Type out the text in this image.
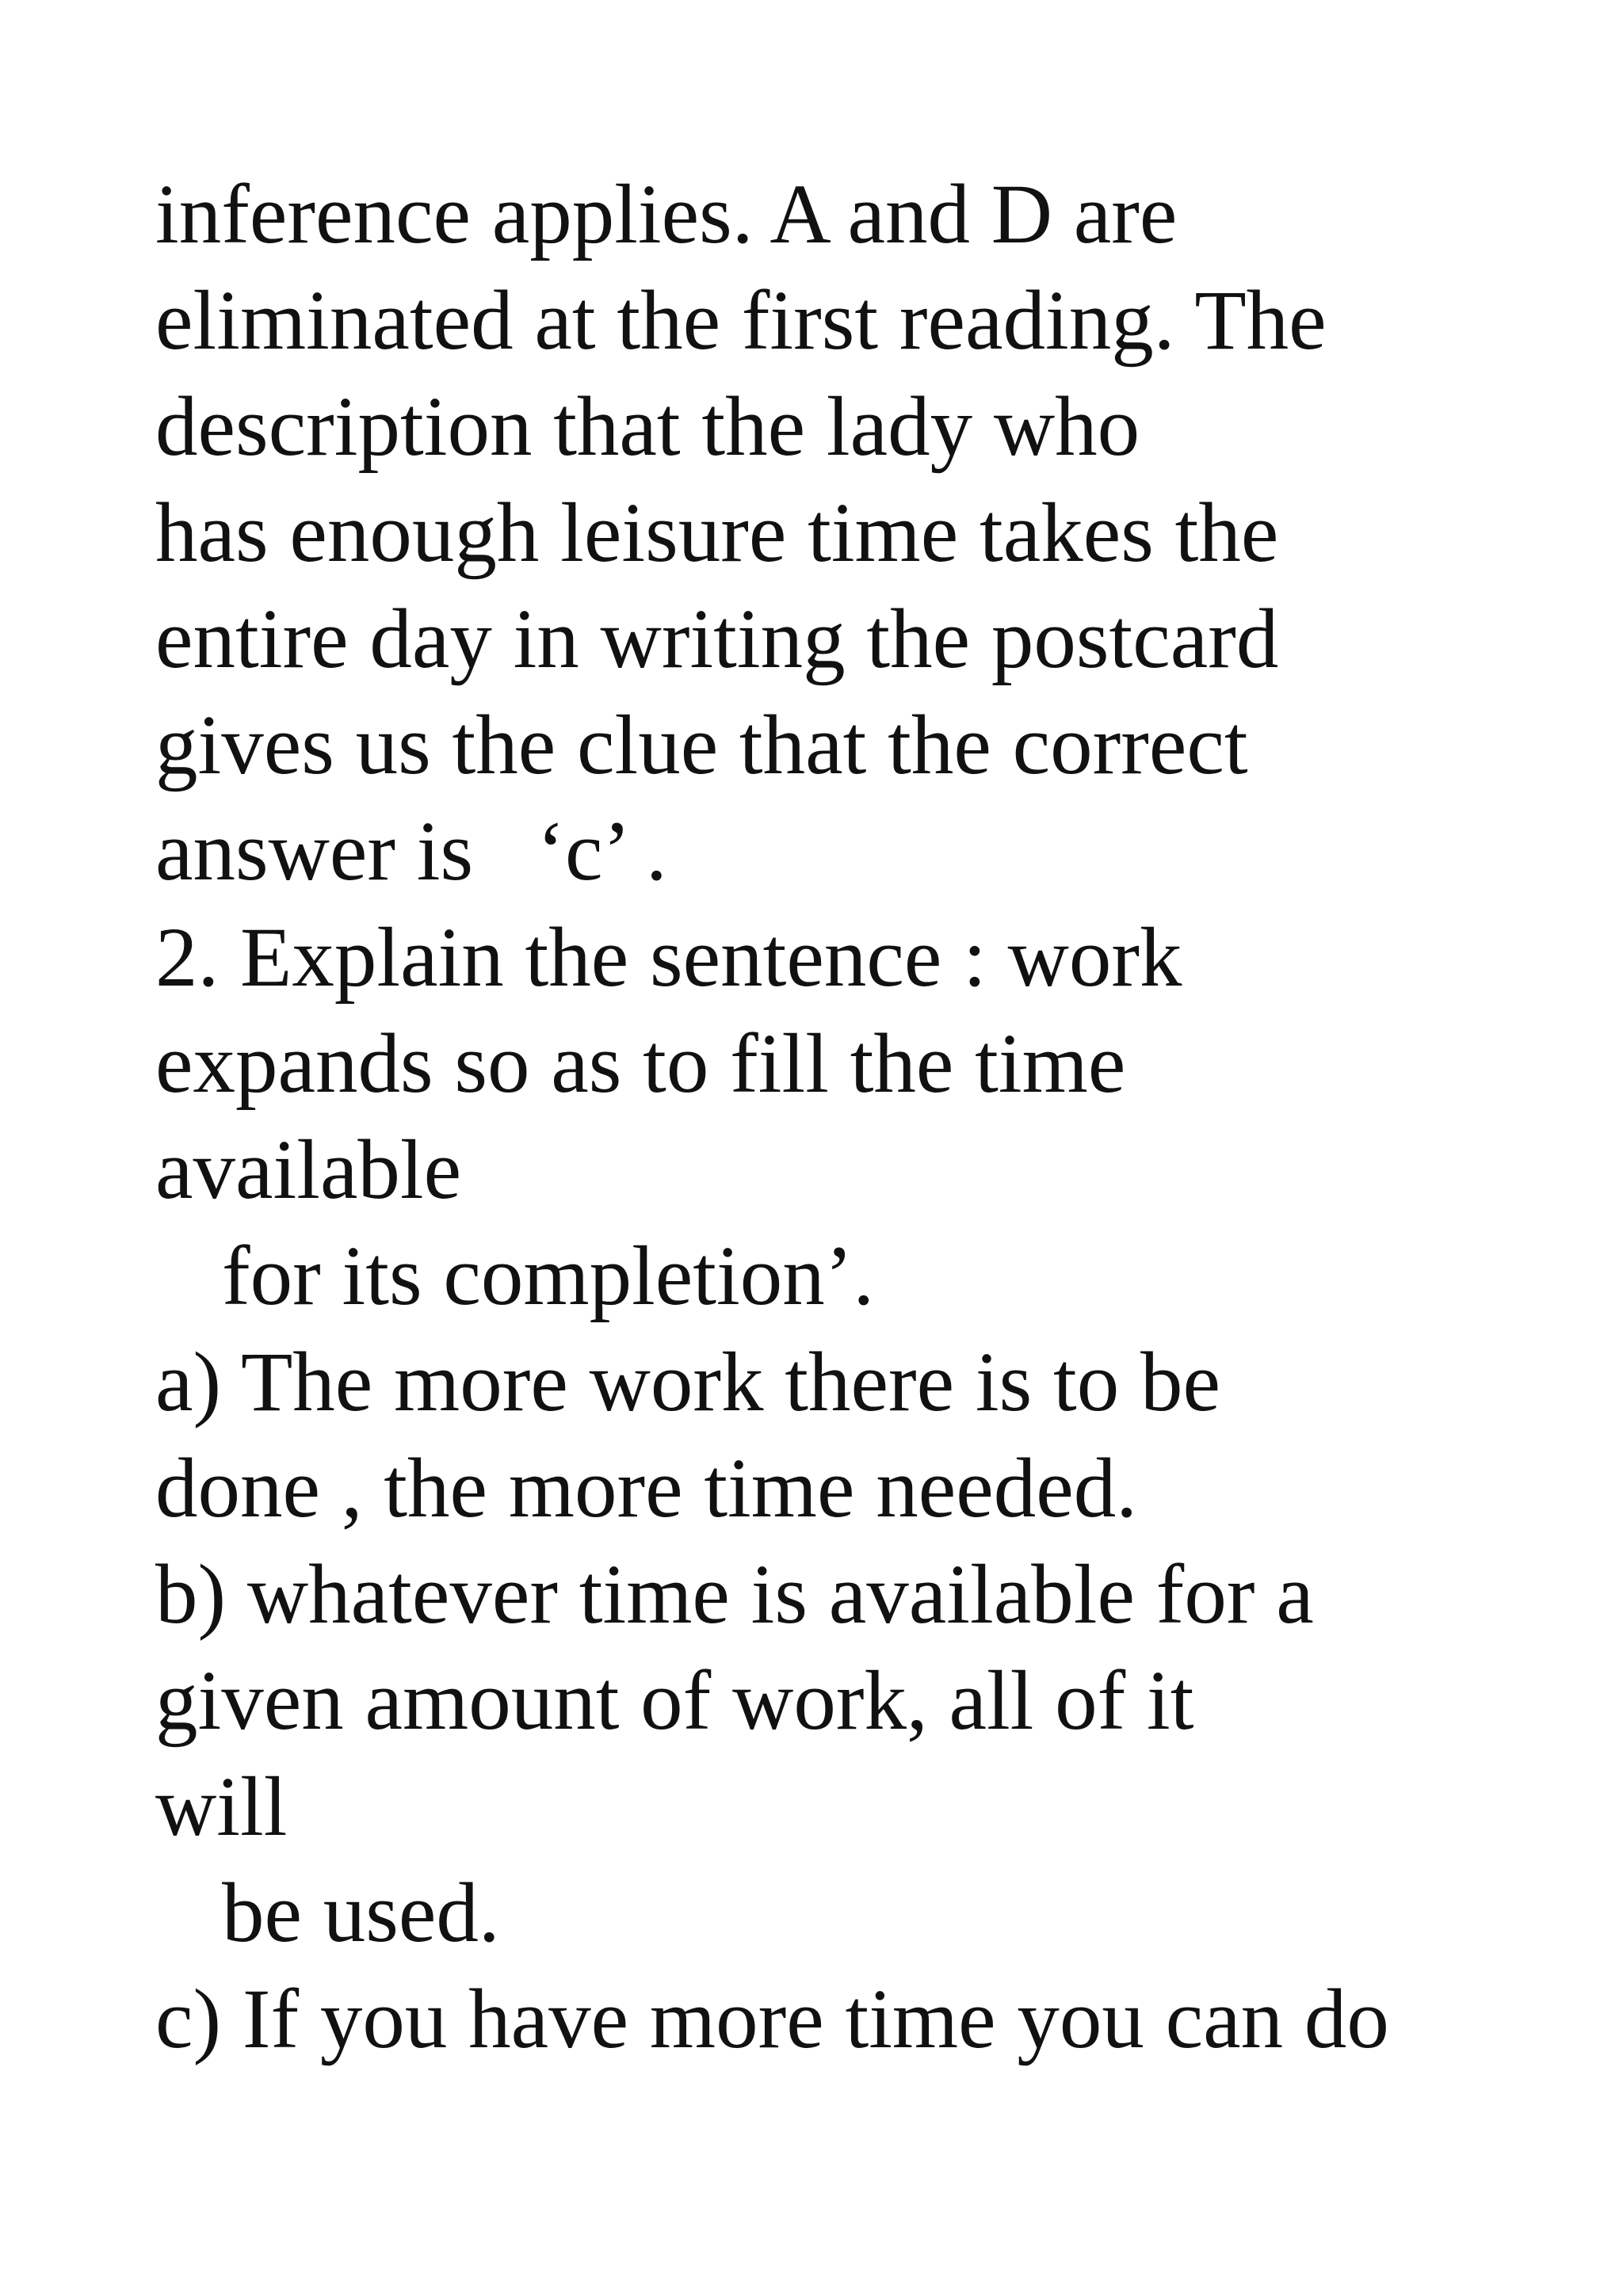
inference applies. A and D are
eliminated at the first reading. The
description that the lady who
has enough leisure time takes the
entire day in writing the postcard
gives us the clue that the correct
answer is   ‘c’ .
2. Explain the sentence : work
expands so as to fill the time
available
for its completion’.
a) The more work there is to be
done , the more time needed.
b) whatever time is available for a
given amount of work, all of it
will
be used.
c) If you have more time you can do
